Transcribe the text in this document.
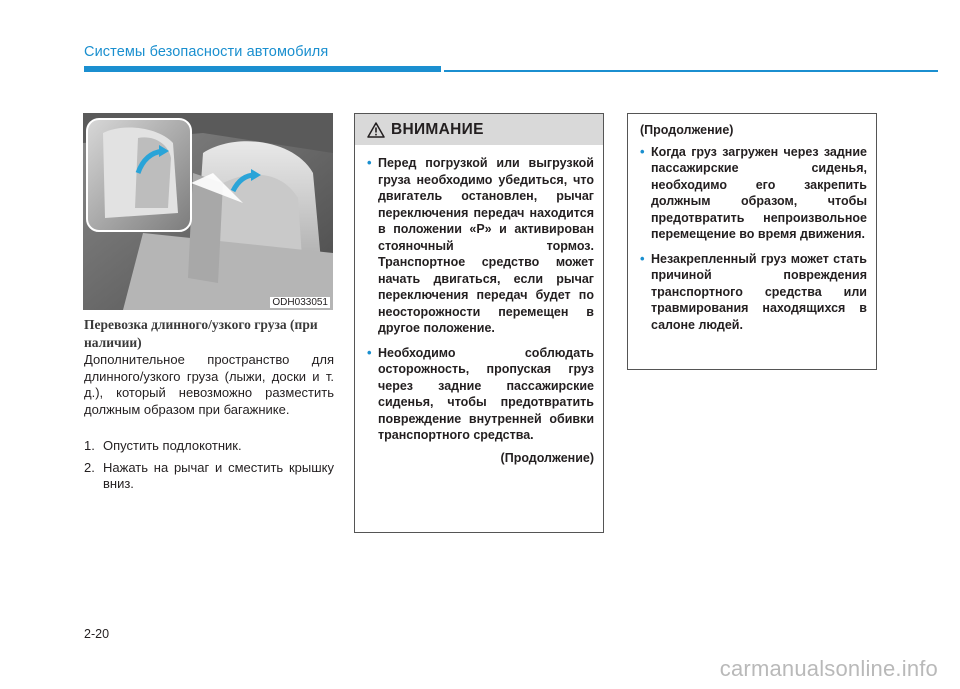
Системы безопасности автомобиля
ODH033051
Перевозка длинного/узкого груза (при наличии)
Дополнительное пространство для длинного/узкого груза (лыжи, доски и т. д.), который невозможно разместить должным образом при багажнике.
1. Опустить подлокотник.
2. Нажать на рычаг и сместить крышку вниз.
ВНИМАНИЕ
• Перед погрузкой или выгрузкой груза необходимо убедиться, что двигатель остановлен, рычаг переключения передач находится в положении «P» и активирован стояночный тормоз. Транспортное средство может начать двигаться, если рычаг переключения передач будет по неосторожности перемещен в другое положение.
• Необходимо соблюдать осторожность, пропуская груз через задние пассажирские сиденья, чтобы предотвратить повреждение внутренней обивки транспортного средства.
(Продолжение)
(Продолжение)
• Когда груз загружен через задние пассажирские сиденья, необходимо его закрепить должным образом, чтобы предотвратить непроизвольное перемещение во время движения.
• Незакрепленный груз может стать причиной повреждения транспортного средства или травмирования находящихся в салоне людей.
2-20
carmanualsonline.info
